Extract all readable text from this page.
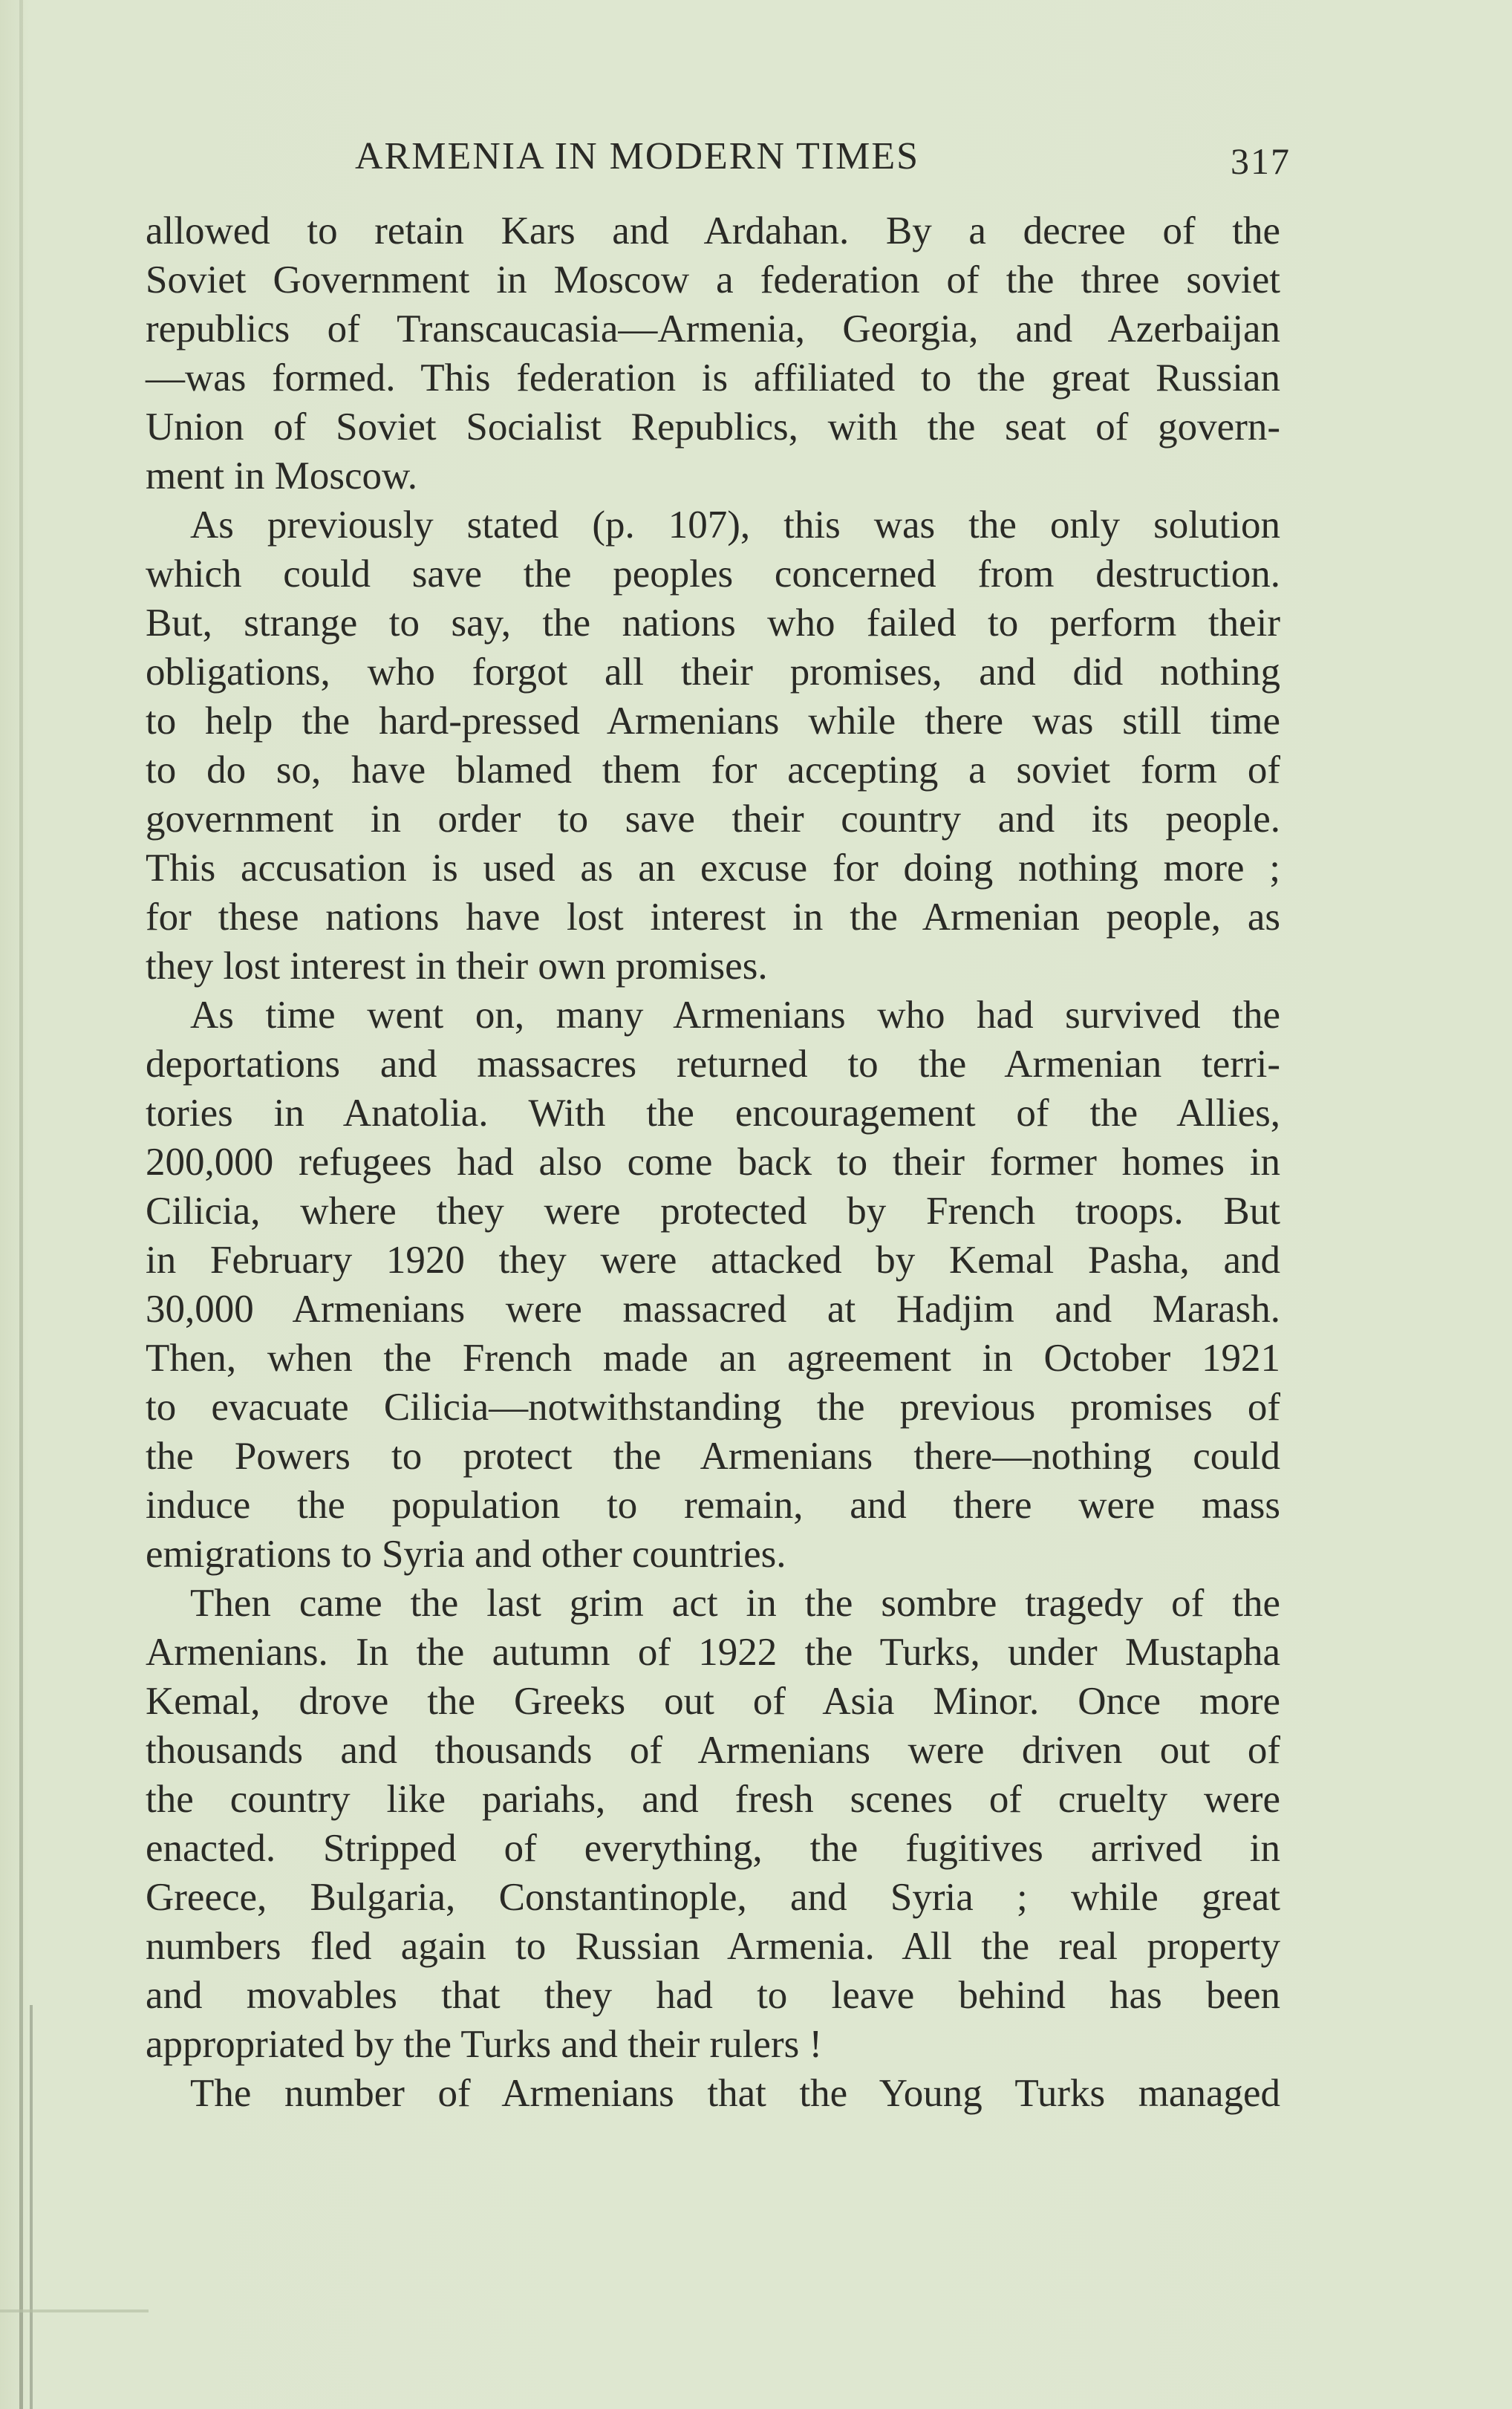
ARMENIA IN MODERN TIMES	317
allowed to retain Kars and Ardahan. By a decree of the
Soviet Government in Moscow a federation of the three soviet
republics of Transcaucasia—Armenia, Georgia, and Azerbaijan
—was formed. This federation is affiliated to the great Russian
Union of Soviet Socialist Republics, with the seat of govern-
ment in Moscow.
As previously stated (p. 107), this was the only solution
which could save the peoples concerned from destruction.
But, strange to say, the nations who failed to perform their
obligations, who forgot all their promises, and did nothing
to help the hard-pressed Armenians while there was still time
to do so, have blamed them for accepting a soviet form of
government in order to save their country and its people.
This accusation is used as an excuse for doing nothing more ;
for these nations have lost interest in the Armenian people, as
they lost interest in their own promises.
As time went on, many Armenians who had survived the
deportations and massacres returned to the Armenian terri-
tories in Anatolia. With the encouragement of the Allies,
200,000 refugees had also come back to their former homes in
Cilicia, where they were protected by French troops. But
in February 1920 they were attacked by Kemal Pasha, and
30,000 Armenians were massacred at Hadjim and Marash.
Then, when the French made an agreement in October 1921
to evacuate Cilicia—notwithstanding the previous promises of
the Powers to protect the Armenians there—nothing could
induce the population to remain, and there were mass
emigrations to Syria and other countries.
Then came the last grim act in the sombre tragedy of the
Armenians. In the autumn of 1922 the Turks, under Mustapha
Kemal, drove the Greeks out of Asia Minor. Once more
thousands and thousands of Armenians were driven out of
the country like pariahs, and fresh scenes of cruelty were
enacted. Stripped of everything, the fugitives arrived in
Greece, Bulgaria, Constantinople, and Syria ; while great
numbers fled again to Russian Armenia. All the real property
and movables that they had to leave behind has been
appropriated by the Turks and their rulers !
The number of Armenians that the Young Turks managed
